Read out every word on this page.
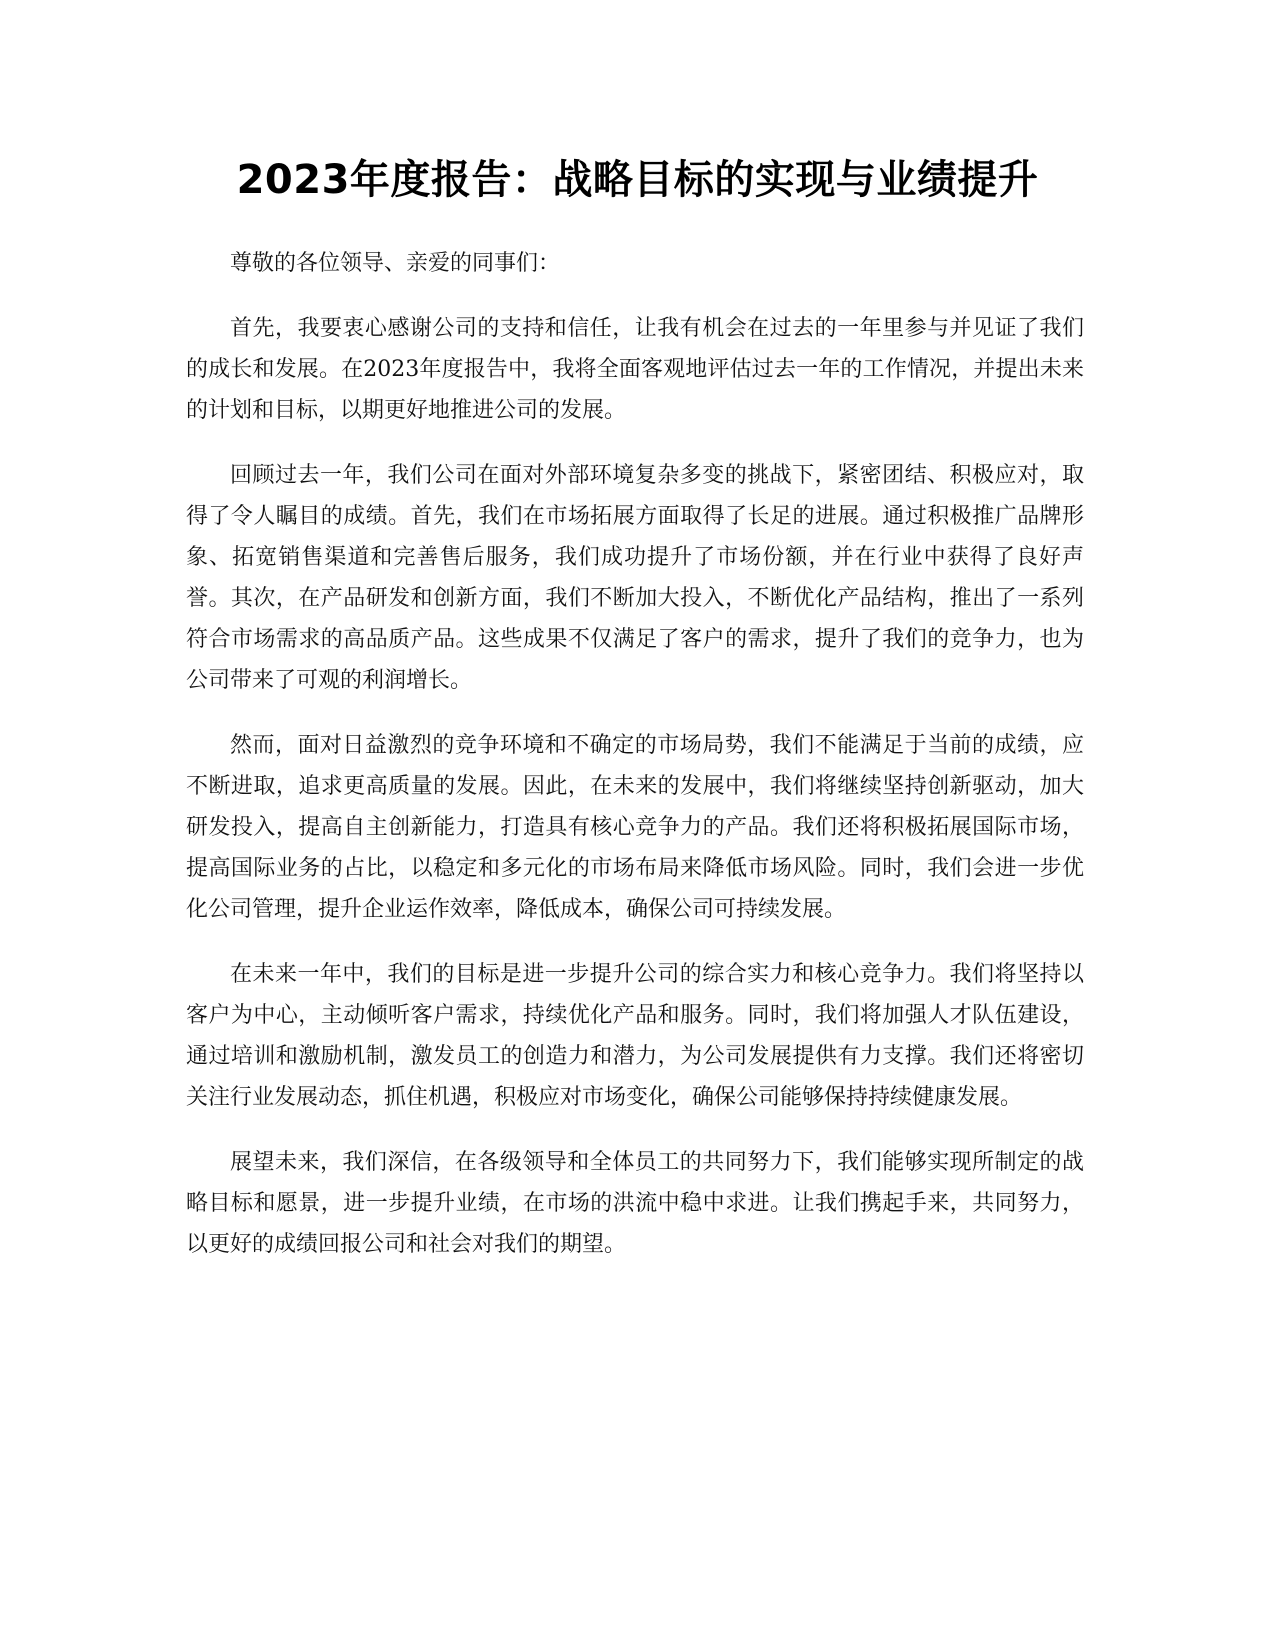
2023年度报告：战略目标的实现与业绩提升

尊敬的各位领导、亲爱的同事们：

首先，我要衷心感谢公司的支持和信任，让我有机会在过去的一年里参与并见证了我们的成长和发展。在2023年度报告中，我将全面客观地评估过去一年的工作情况，并提出未来的计划和目标，以期更好地推进公司的发展。

回顾过去一年，我们公司在面对外部环境复杂多变的挑战下，紧密团结、积极应对，取得了令人瞩目的成绩。首先，我们在市场拓展方面取得了长足的进展。通过积极推广品牌形象、拓宽销售渠道和完善售后服务，我们成功提升了市场份额，并在行业中获得了良好声誉。其次，在产品研发和创新方面，我们不断加大投入，不断优化产品结构，推出了一系列符合市场需求的高品质产品。这些成果不仅满足了客户的需求，提升了我们的竞争力，也为公司带来了可观的利润增长。

然而，面对日益激烈的竞争环境和不确定的市场局势，我们不能满足于当前的成绩，应不断进取，追求更高质量的发展。因此，在未来的发展中，我们将继续坚持创新驱动，加大研发投入，提高自主创新能力，打造具有核心竞争力的产品。我们还将积极拓展国际市场，提高国际业务的占比，以稳定和多元化的市场布局来降低市场风险。同时，我们会进一步优化公司管理，提升企业运作效率，降低成本，确保公司可持续发展。

在未来一年中，我们的目标是进一步提升公司的综合实力和核心竞争力。我们将坚持以客户为中心，主动倾听客户需求，持续优化产品和服务。同时，我们将加强人才队伍建设，通过培训和激励机制，激发员工的创造力和潜力，为公司发展提供有力支撑。我们还将密切关注行业发展动态，抓住机遇，积极应对市场变化，确保公司能够保持持续健康发展。

展望未来，我们深信，在各级领导和全体员工的共同努力下，我们能够实现所制定的战略目标和愿景，进一步提升业绩，在市场的洪流中稳中求进。让我们携起手来，共同努力，以更好的成绩回报公司和社会对我们的期望。
